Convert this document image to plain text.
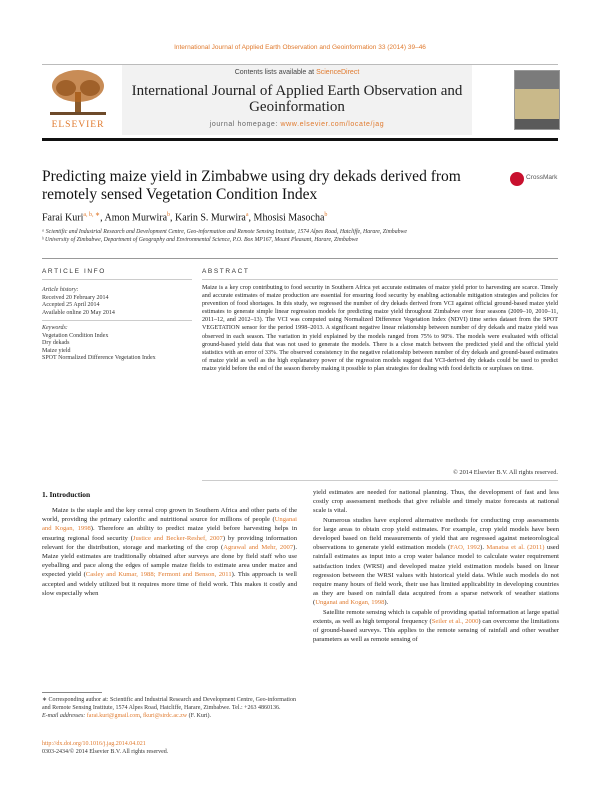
International Journal of Applied Earth Observation and Geoinformation 33 (2014) 39–46
ELSEVIER
Contents lists available at ScienceDirect
International Journal of Applied Earth Observation and Geoinformation
journal homepage: www.elsevier.com/locate/jag
Predicting maize yield in Zimbabwe using dry dekads derived from remotely sensed Vegetation Condition Index
CrossMark
Farai Kuri$^{a, b, ∗}$, Amon Murwira$^b$, Karin S. Murwira$^a$, Mhosisi Masocha$^b$
ᵃ Scientific and Industrial Research and Development Centre, Geo-information and Remote Sensing Institute, 1574 Alpes Road, Hatcliffe, Harare, Zimbabwe
ᵇ University of Zimbabwe, Department of Geography and Environmental Science, P.O. Box MP167, Mount Pleasant, Harare, Zimbabwe
ARTICLE INFO	ABSTRACT
Article history:
Received 20 February 2014
Accepted 25 April 2014
Available online 20 May 2014
Keywords:
Vegetation Condition Index
Dry dekads
Maize yield
SPOT Normalized Difference Vegetation Index
Maize is a key crop contributing to food security in Southern Africa yet accurate estimates of maize yield prior to harvesting are scarce. Timely and accurate estimates of maize production are essential for ensuring food security by enabling actionable mitigation strategies and policies for prevention of food shortages. In this study, we regressed the number of dry dekads derived from VCI against official ground-based maize yield estimates to generate simple linear regression models for predicting maize yield throughout Zimbabwe over four seasons (2009–10, 2010–11, 2011–12, and 2012–13). The VCI was computed using Normalized Difference Vegetation Index (NDVI) time series dataset from the SPOT VEGETATION sensor for the period 1998–2013. A significant negative linear relationship between number of dry dekads and maize yield was observed in each season. The variation in yield explained by the models ranged from 75% to 90%. The models were evaluated with official ground-based yield data that was not used to generate the models. There is a close match between the predicted yield and the official yield statistics with an error of 33%. The observed consistency in the negative relationship between number of dry dekads and ground-based estimates of maize yield as well as the high explanatory power of the regression models suggest that VCI-derived dry dekads could be used to predict maize yield before the end of the season thereby making it possible to plan strategies for dealing with food deficits or surpluses on time.
© 2014 Elsevier B.V. All rights reserved.
1. Introduction

Maize is the staple and the key cereal crop grown in Southern Africa and other parts of the world, providing the primary calorific and nutritional source for millions of people (Unganai and Kogan, 1998). Therefore an ability to predict maize yield before harvesting helps in ensuring regional food security (Justice and Becker-Reshef, 2007) by providing information relevant for the distribution, storage and marketing of the crop (Agrawal and Mehr, 2007). Maize yield estimates are traditionally obtained after surveys are done by field staff who use eyeballing and pace along the edges of sample maize fields to estimate area under maize and expected yield (Casley and Kumar, 1988; Fermont and Benson, 2011). This approach is well accepted and widely utilized but it requires more time of field work. This makes it costly and slow especially when

yield estimates are needed for national planning. Thus, the development of fast and less costly crop assessment methods that give reliable and timely maize forecasts at national scale is vital.

Numerous studies have explored alternative methods for conducting crop assessments for large areas to obtain crop yield estimates. For example, crop yield models have been developed based on field measurements of yield that are regressed against meteorological observations to generate yield estimation models (FAO, 1992). Manatsa et al. (2011) used rainfall estimates as input into a crop water balance model to calculate water requirement satisfaction index (WRSI) and developed maize yield estimation models based on linear regression between the WRSI values with historical yield data. While such models do not require many hours of field work, their use has limited applicability in developing countries as they are based on rainfall data acquired from a sparse network of weather stations (Unganai and Kogan, 1998).

Satellite remote sensing which is capable of providing spatial information at large spatial extents, as well as high temporal frequency (Seiler et al., 2000) can overcome the limitations of ground-based surveys. This applies to the remote sensing of rainfall and other weather parameters as well as remote sensing of

∗ Corresponding author at: Scientific and Industrial Research and Development Centre, Geo-information and Remote Sensing Institute, 1574 Alpes Road, Hatcliffe, Harare, Zimbabwe. Tel.: +263 4860136.
E-mail addresses: farai.kuri@gmail.com, fkuri@sirdc.ac.zw (F. Kuri).
http://dx.doi.org/10.1016/j.jag.2014.04.021
0303-2434/© 2014 Elsevier B.V. All rights reserved.
